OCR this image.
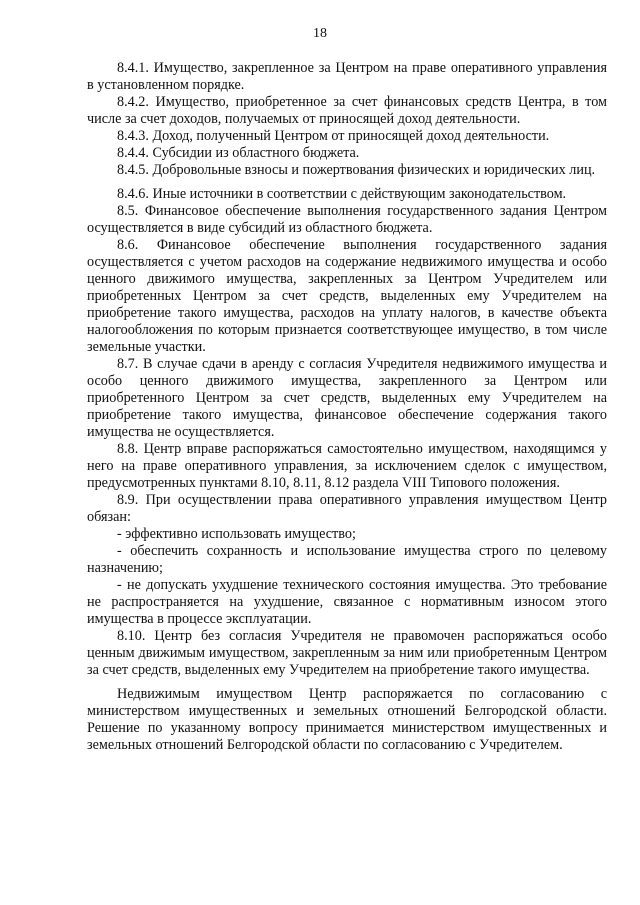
18

8.4.1. Имущество, закрепленное за Центром на праве оперативного управления в установленном порядке.

8.4.2. Имущество, приобретенное за счет финансовых средств Центра, в том числе за счет доходов, получаемых от приносящей доход деятельности.

8.4.3. Доход, полученный Центром от приносящей доход деятельности.

8.4.4. Субсидии из областного бюджета.

8.4.5. Добровольные взносы и пожертвования физических и юридических лиц.

8.4.6. Иные источники в соответствии с действующим законодательством.

8.5. Финансовое обеспечение выполнения государственного задания Центром осуществляется в виде субсидий из областного бюджета.

8.6. Финансовое обеспечение выполнения государственного задания осуществляется с учетом расходов на содержание недвижимого имущества и особо ценного движимого имущества, закрепленных за Центром Учредителем или приобретенных Центром за счет средств, выделенных ему Учредителем на приобретение такого имущества, расходов на уплату налогов, в качестве объекта налогообложения по которым признается соответствующее имущество, в том числе земельные участки.

8.7. В случае сдачи в аренду с согласия Учредителя недвижимого имущества и особо ценного движимого имущества, закрепленного за Центром или приобретенного Центром за счет средств, выделенных ему Учредителем на приобретение такого имущества, финансовое обеспечение содержания такого имущества не осуществляется.

8.8. Центр вправе распоряжаться самостоятельно имуществом, находящимся у него на праве оперативного управления, за исключением сделок с имуществом, предусмотренных пунктами 8.10, 8.11, 8.12 раздела VIII Типового положения.

8.9. При осуществлении права оперативного управления имуществом Центр обязан:

- эффективно использовать имущество;

- обеспечить сохранность и использование имущества строго по целевому назначению;

- не допускать ухудшение технического состояния имущества. Это требование не распространяется на ухудшение, связанное с нормативным износом этого имущества в процессе эксплуатации.

8.10. Центр без согласия Учредителя не правомочен распоряжаться особо ценным движимым имуществом, закрепленным за ним или приобретенным Центром за счет средств, выделенных ему Учредителем на приобретение такого имущества.

Недвижимым имуществом Центр распоряжается по согласованию с министерством имущественных и земельных отношений Белгородской области. Решение по указанному вопросу принимается министерством имущественных и земельных отношений Белгородской области по согласованию с Учредителем.
